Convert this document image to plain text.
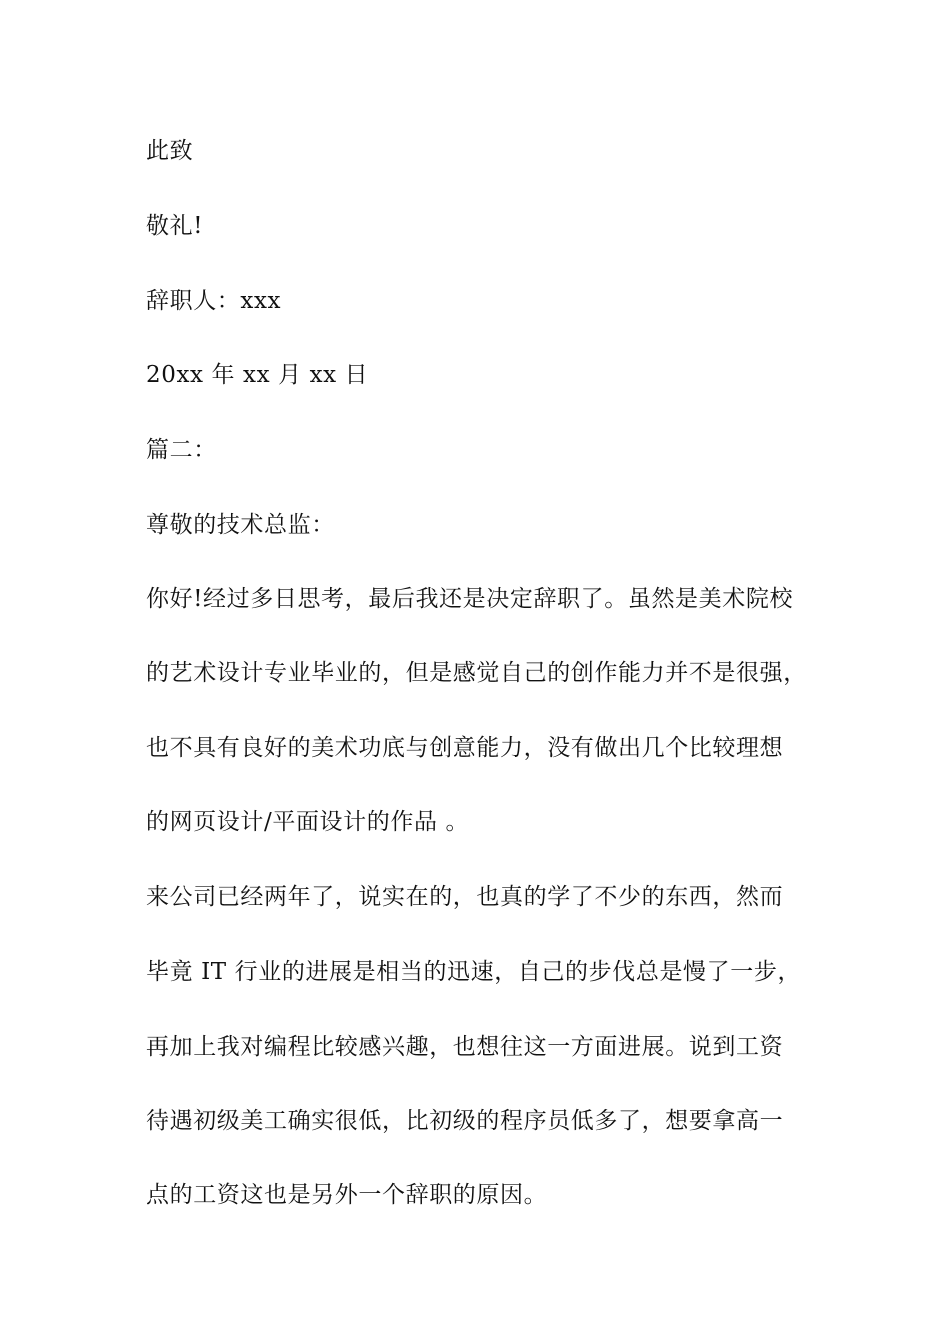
此致

敬礼!

辞职人：xxx

20xx 年 xx 月 xx 日

篇二：

尊敬的技术总监：

你好!经过多日思考，最后我还是决定辞职了。虽然是美术院校

的艺术设计专业毕业的，但是感觉自己的创作能力并不是很强，

也不具有良好的美术功底与创意能力，没有做出几个比较理想

的网页设计/平面设计的作品 。

来公司已经两年了，说实在的，也真的学了不少的东西，然而

毕竟 IT 行业的进展是相当的迅速，自己的步伐总是慢了一步，

再加上我对编程比较感兴趣，也想往这一方面进展。说到工资

待遇初级美工确实很低，比初级的程序员低多了，想要拿高一

点的工资这也是另外一个辞职的原因。
